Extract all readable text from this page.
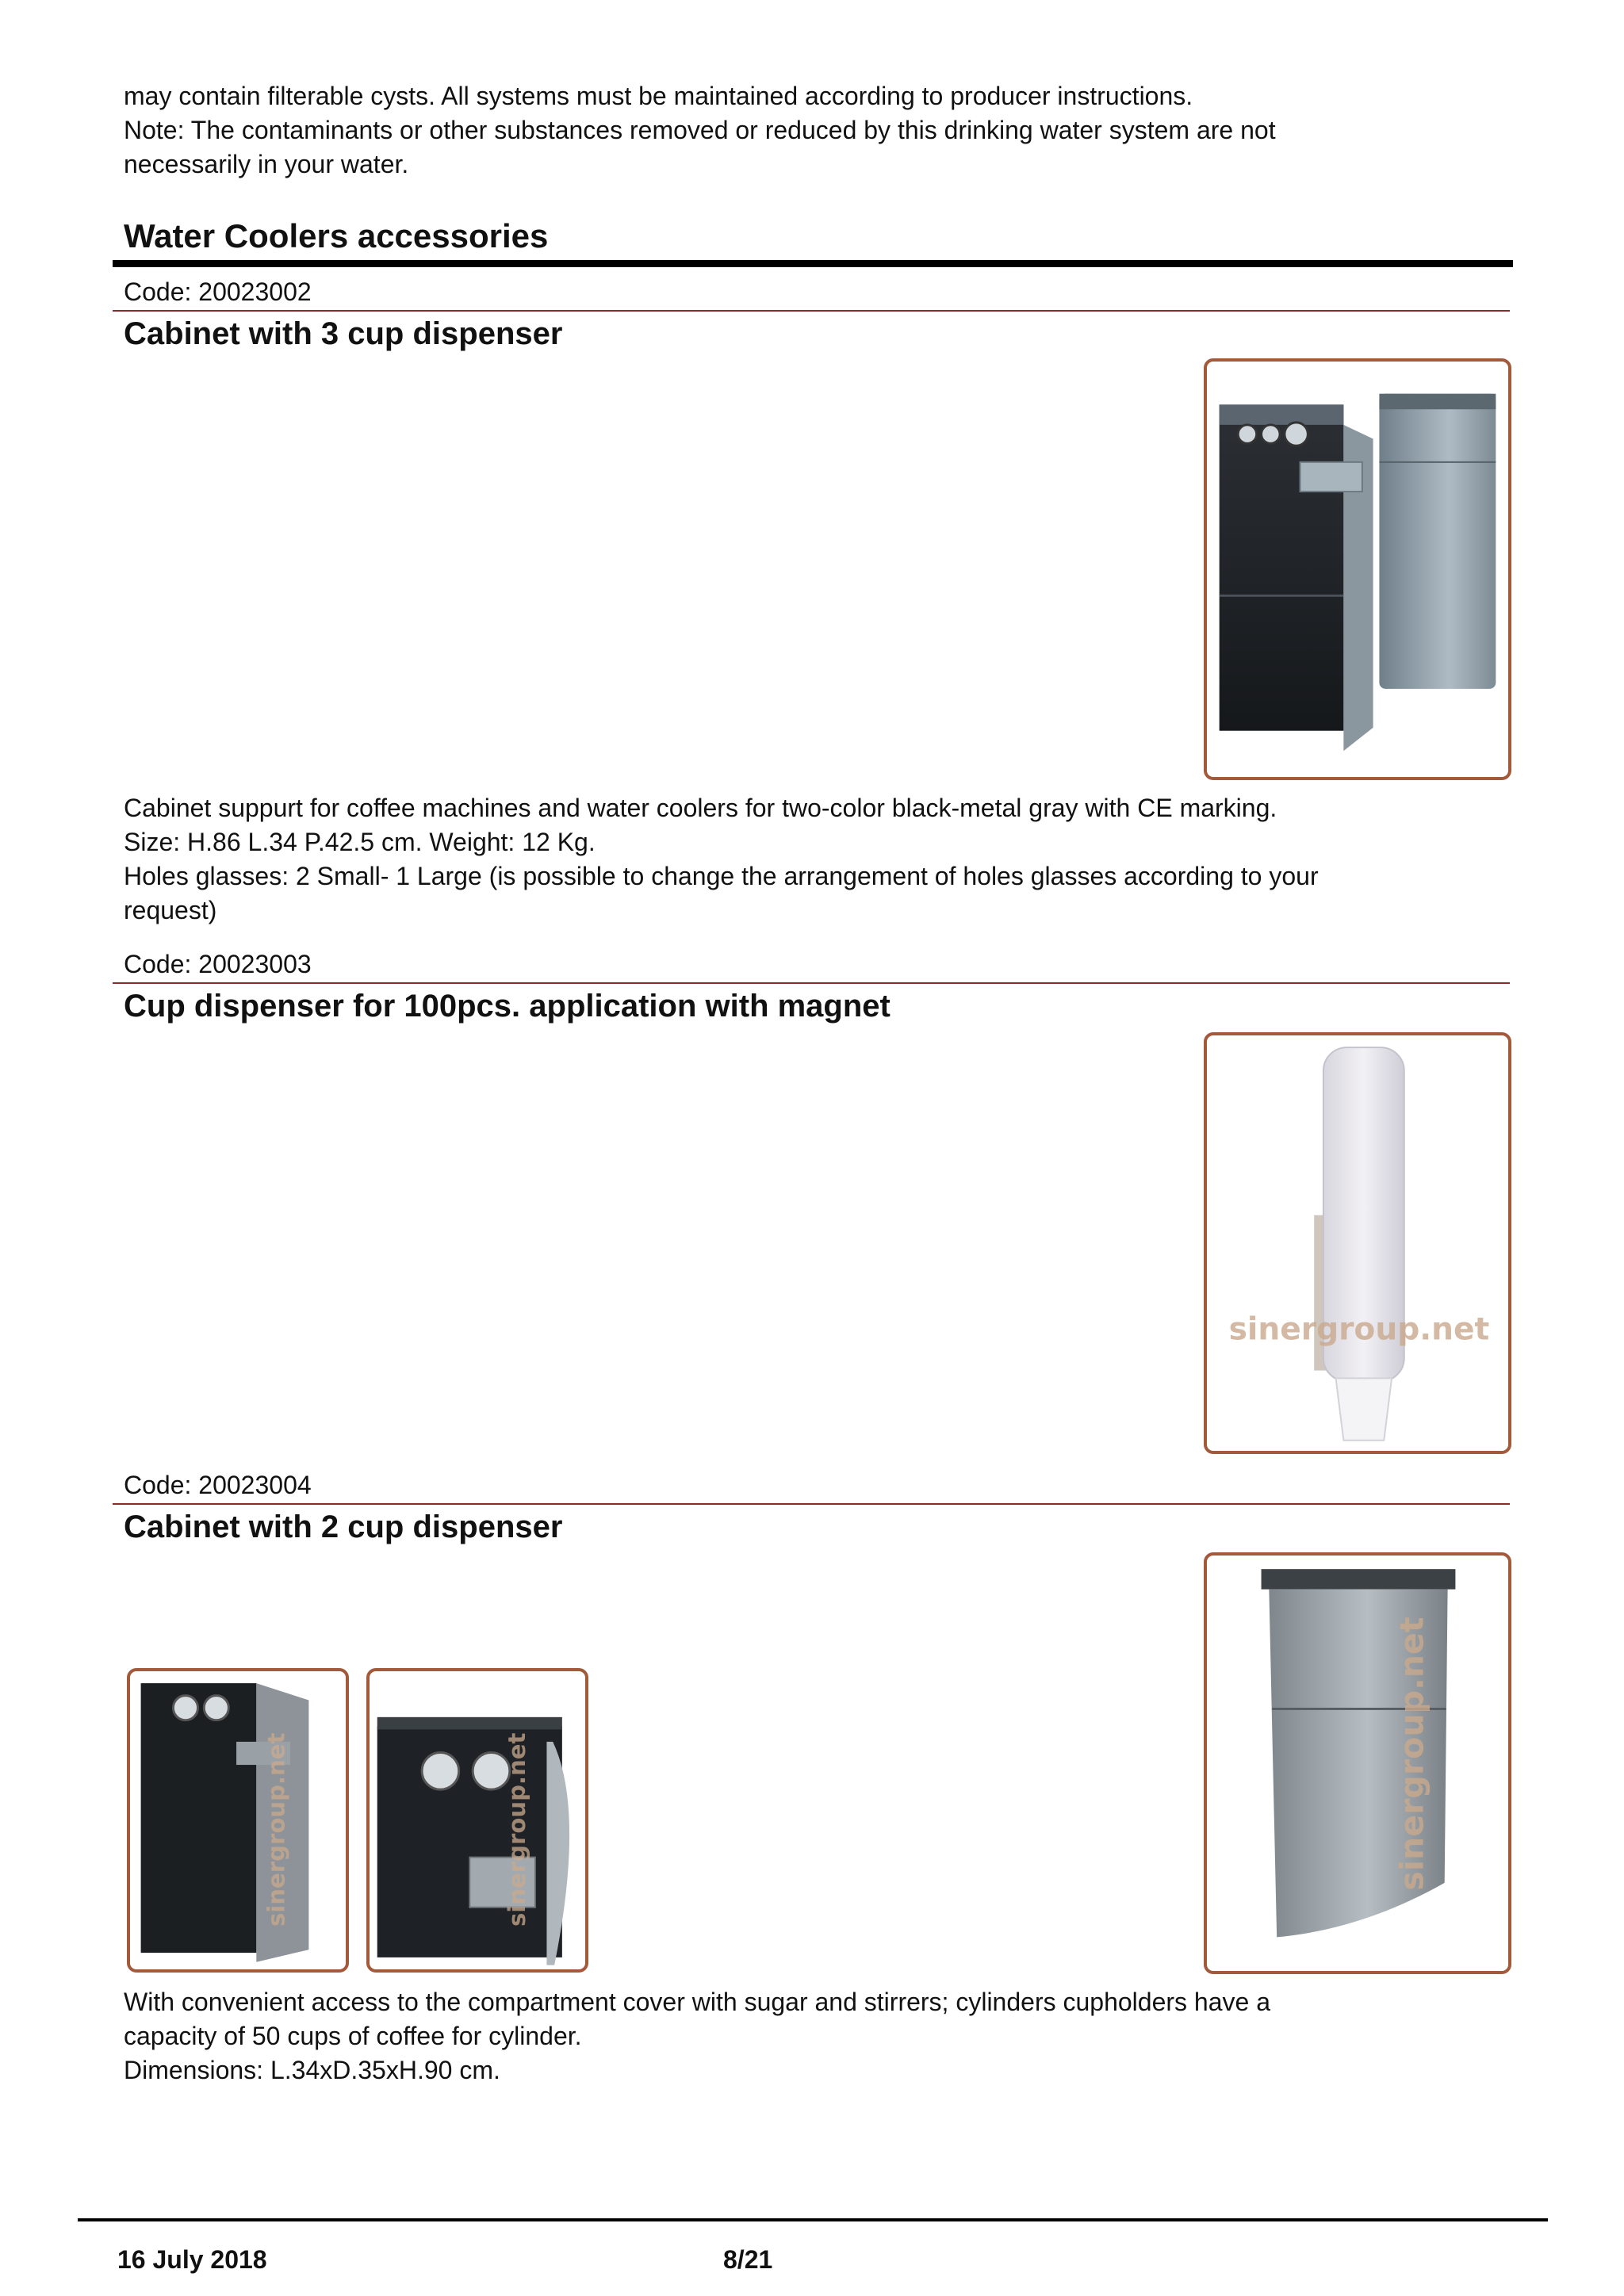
may contain filterable cysts. All systems must be maintained according to producer instructions.
Note: The contaminants or other substances removed or reduced by this drinking water system are not
necessarily in your water.
Water Coolers accessories

Code: 20023002

Cabinet with 3 cup dispenser
Cabinet suppurt for coffee machines and water coolers for two-color black-metal gray with CE marking.
Size: H.86 L.34 P.42.5 cm. Weight: 12 Kg.
Holes glasses: 2 Small- 1 Large (is possible to change the arrangement of holes glasses according to your
request)

Code: 20023003

Cup dispenser for 100pcs. application with magnet
sinergroup.net

Code: 20023004

Cabinet with 2 cup dispenser
sinergroup.net	sinergroup.net	sinergroup.net
With convenient access to the compartment cover with sugar and stirrers; cylinders cupholders have a
capacity of 50 cups of coffee for cylinder.
Dimensions: L.34xD.35xH.90 cm.

16 July 2018	8/21
